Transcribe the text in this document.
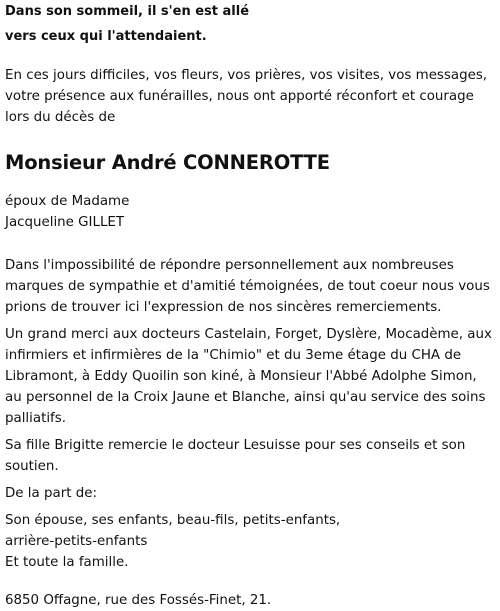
Dans son sommeil, il s'en est allé
vers ceux qui l'attendaient.

En ces jours difficiles, vos fleurs, vos prières, vos visites, vos messages, votre présence aux funérailles, nous ont apporté réconfort et courage lors du décès de

Monsieur André CONNEROTTE

époux de Madame
Jacqueline GILLET

Dans l'impossibilité de répondre personnellement aux nombreuses marques de sympathie et d'amitié témoignées, de tout coeur nous vous prions de trouver ici l'expression de nos sincères remerciements.

Un grand merci aux docteurs Castelain, Forget, Dyslère, Mocadème, aux infirmiers et infirmières de la "Chimio" et du 3eme étage du CHA de Libramont, à Eddy Quoilin son kiné, à Monsieur l'Abbé Adolphe Simon, au personnel de la Croix Jaune et Blanche, ainsi qu'au service des soins palliatifs.

Sa fille Brigitte remercie le docteur Lesuisse pour ses conseils et son soutien.

De la part de:

Son épouse, ses enfants, beau-fils, petits-enfants,
arrière-petits-enfants
Et toute la famille.

6850 Offagne, rue des Fossés-Finet, 21.
